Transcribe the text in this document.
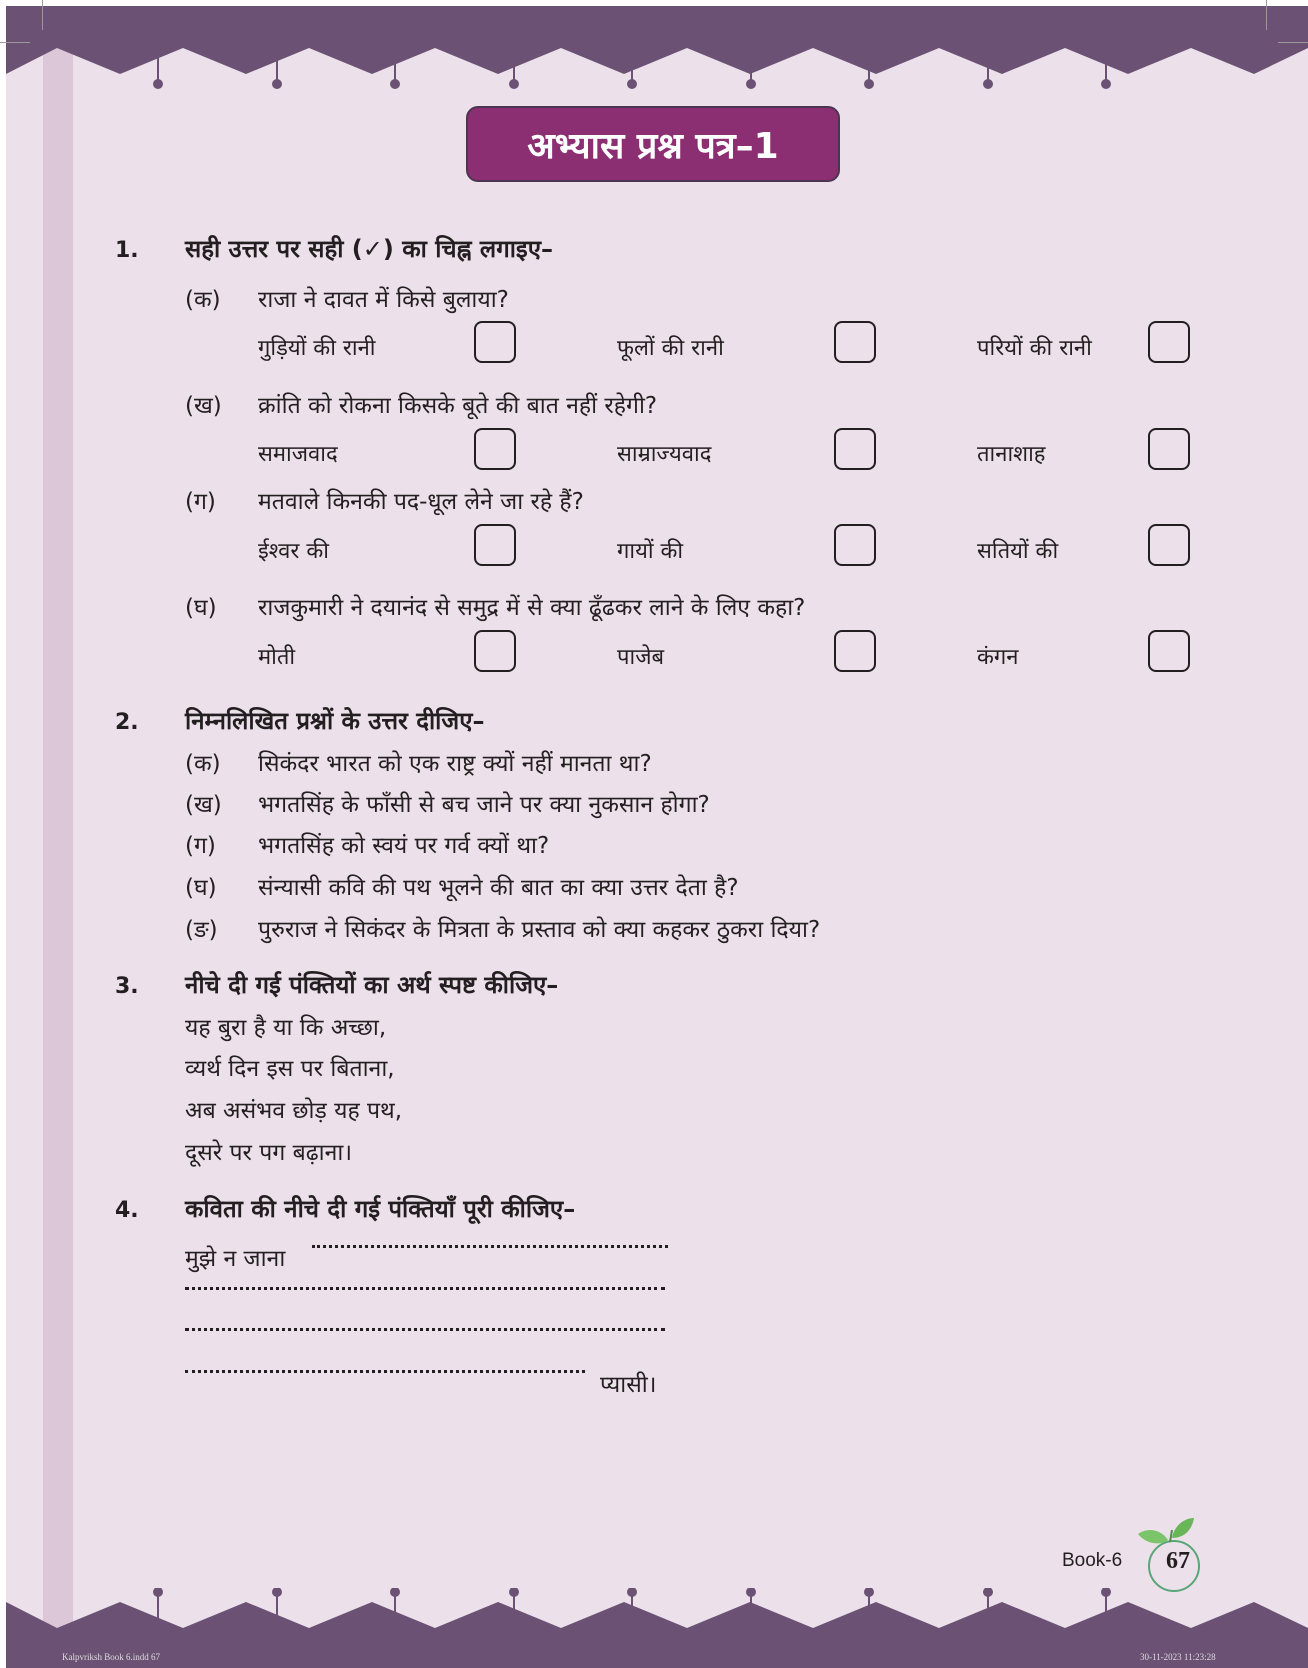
अभ्यास प्रश्न पत्र–1
1. सही उत्तर पर सही (✓) का चिह्न लगाइए–
(क) राजा ने दावत में किसे बुलाया?
गुड़ियों की रानी	फूलों की रानी	परियों की रानी
(ख) क्रांति को रोकना किसके बूते की बात नहीं रहेगी?
समाजवाद	साम्राज्यवाद	तानाशाह
(ग) मतवाले किनकी पद-धूल लेने जा रहे हैं?
ईश्वर की	गायों की	सतियों की
(घ) राजकुमारी ने दयानंद से समुद्र में से क्या ढूँढकर लाने के लिए कहा?
मोती	पाजेब	कंगन
2. निम्नलिखित प्रश्नों के उत्तर दीजिए–
(क) सिकंदर भारत को एक राष्ट्र क्यों नहीं मानता था?
(ख) भगतसिंह के फाँसी से बच जाने पर क्या नुकसान होगा?
(ग) भगतसिंह को स्वयं पर गर्व क्यों था?
(घ) संन्यासी कवि की पथ भूलने की बात का क्या उत्तर देता है?
(ङ) पुरुराज ने सिकंदर के मित्रता के प्रस्ताव को क्या कहकर ठुकरा दिया?
3. नीचे दी गई पंक्तियों का अर्थ स्पष्ट कीजिए–
यह बुरा है या कि अच्छा,
व्यर्थ दिन इस पर बिताना,
अब असंभव छोड़ यह पथ,
दूसरे पर पग बढ़ाना।
4. कविता की नीचे दी गई पंक्तियाँ पूरी कीजिए–
मुझे न जाना
प्यासी।
Book-6	67
Kalpvriksh Book 6.indd 67	30-11-2023 11:23:28
